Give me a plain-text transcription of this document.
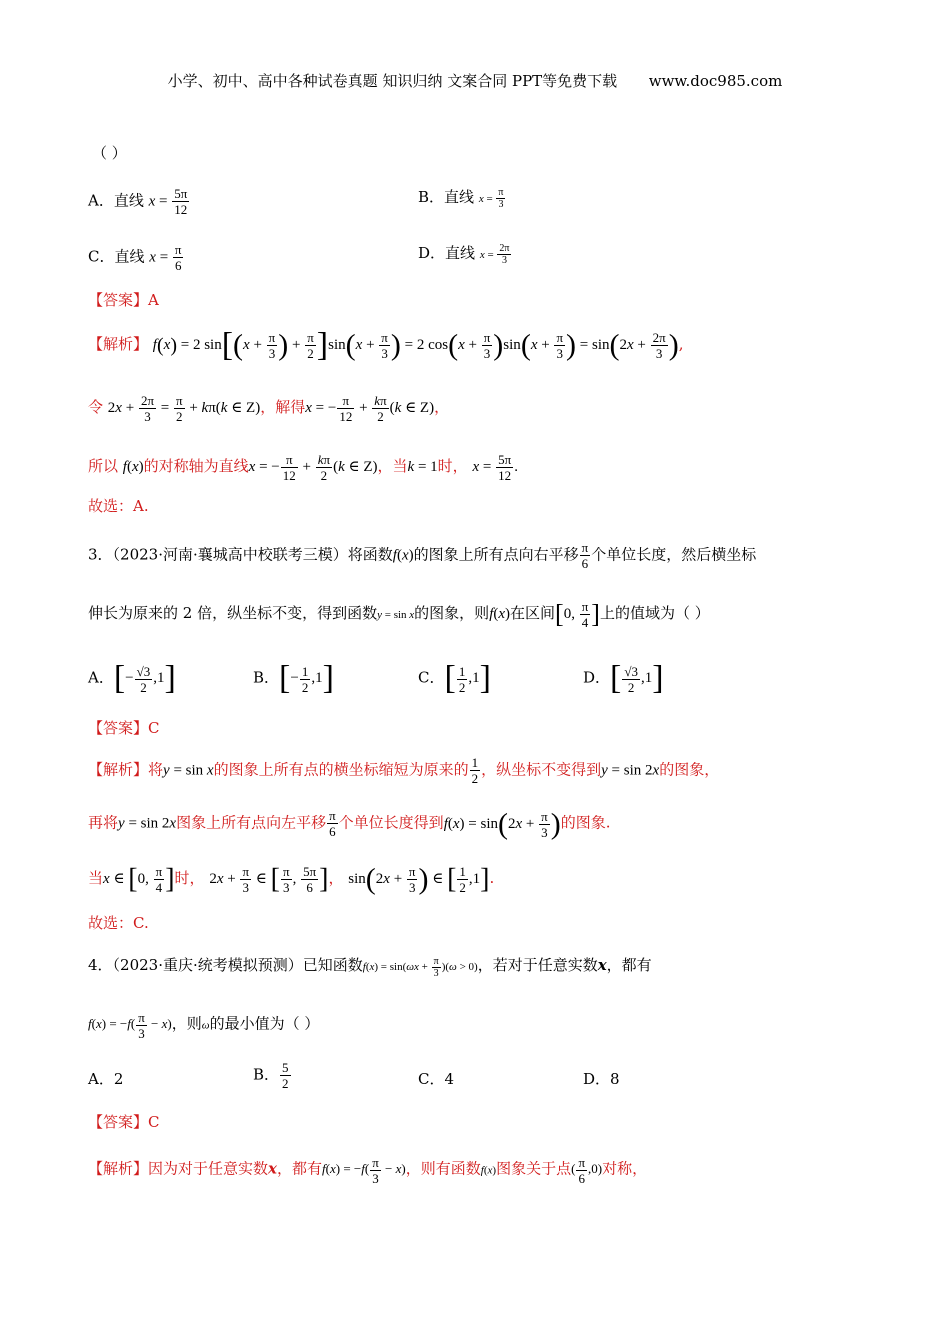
小学、初中、高中各种试卷真题 知识归纳 文案合同 PPT等免费下载 www.doc985.com
（ ）
A．直线 $x = \frac{5\pi}{12}$	B．直线 $x = \frac{\pi}{3}$
C．直线 $x = \frac{\pi}{6}$	D．直线 $x = \frac{2\pi}{3}$
【答案】A
【解析】 f(x) = 2 $\sin[(x + \frac{\pi}{3}$ ) + $\frac{\pi}{2} ]\sin(x + \frac{\pi}{3}$ ) = 2 $\cos(x + \frac{\pi}{3} )\sin(x + \frac{\pi}{3}$ ) = $\sin(2x + \frac{2\pi}{3}$ ),
令 $2x + \frac{2\pi}{3} = \frac{\pi}{2} + k\pi(k$ ∈ Z)，解得x = − $\frac{\pi}{12} + \frac{k\pi}{2} (k$ ∈ Z)，
所以 f(x)的对称轴为直线x = − $\frac{\pi}{12} + \frac{k\pi}{2} (k$ ∈ Z)，当k = 1时， $x = \frac{5\pi}{12}$ .
故选：A.
3．（2023·河南·襄城高中校联考三模）将函数f(x)的图象上所有点向右平移 $\frac{\pi}{6}$ 个单位长度，然后横坐标
伸长为原来的 2 倍，纵坐标不变，得到函数y = sin x的图象，则f(x)在区间[0, $\frac{\pi}{4}$ ]上的值域为（ ）
A．[− $\frac{√3}{2} ,1$]	B．[− $\frac{1}{2} ,1$]	C．[ $\frac{1}{2} ,1$]	D．[ $\frac{√3}{2} ,1$]
【答案】C
【解析】将y = sin x的图象上所有点的横坐标缩短为原来的 $\frac{1}{2}$ ，纵坐标不变得到y = sin 2x的图象，
再将y = sin 2x图象上所有点向左平移 $\frac{\pi}{6}$ 个单位长度得到$f(x) = \sin(2x + \frac{\pi}{3}$ )的图象.
当x ∈ [0, $\frac{\pi}{4}$ ]时， $2x + \frac{\pi}{3}$ ∈ [ $\frac{\pi}{3}$ , $\frac{5\pi}{6}$ ]， $\sin(2x + \frac{\pi}{3}$ ) ∈ [ $\frac{1}{2} ,1$].
故选：C.
4．（2023·重庆·统考模拟预测）已知函数$f(x) = \sin(\omega x + \frac{\pi}{3} )(\omega > 0)$，若对于任意实数x，都有
$f(x) = -f( \frac{\pi}{3} - x)$，则ω的最小值为（ ）
A．2	B． $\frac{5}{2}$	C．4	D．8
【答案】C
【解析】因为对于任意实数x，都有$f(x) = -f( \frac{\pi}{3} - x)$，则有函数f(x)图象关于点( $\frac{\pi}{6} ,0$)对称，
